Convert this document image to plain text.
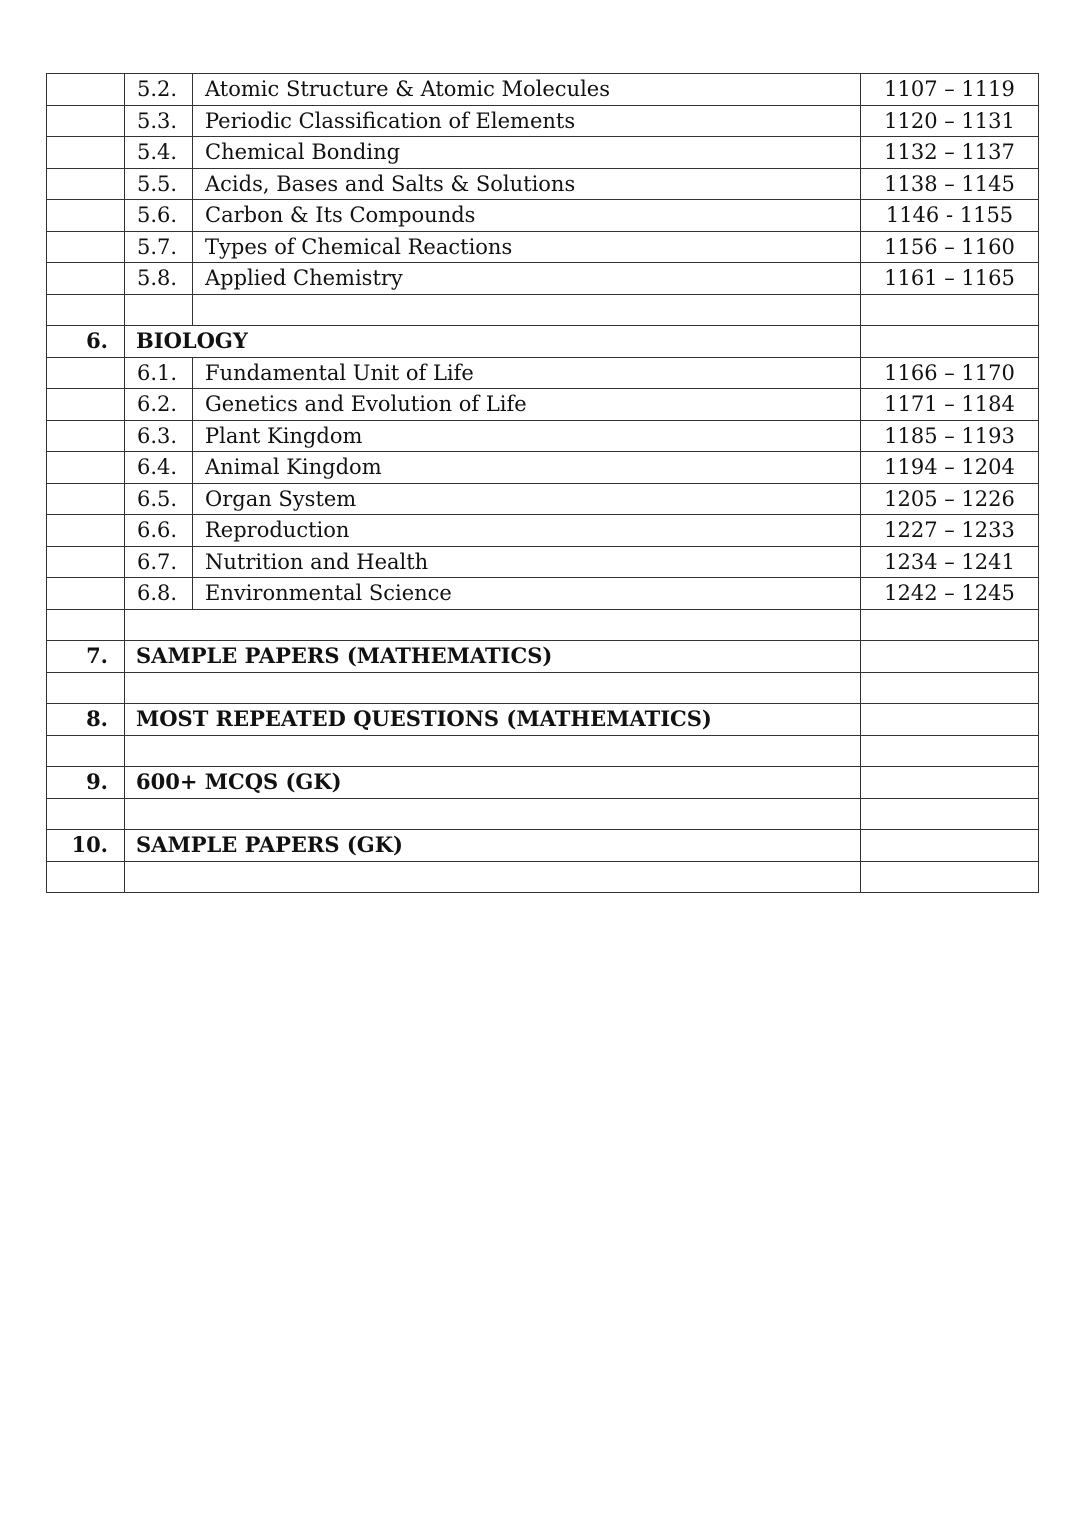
	5.2.	Atomic Structure & Atomic Molecules	1107 – 1119
	5.3.	Periodic Classification of Elements	1120 – 1131
	5.4.	Chemical Bonding	1132 – 1137
	5.5.	Acids, Bases and Salts & Solutions	1138 – 1145
	5.6.	Carbon & Its Compounds	1146 - 1155
	5.7.	Types of Chemical Reactions	1156 – 1160
	5.8.	Applied Chemistry	1161 – 1165

6.	BIOLOGY		
	6.1.	Fundamental Unit of Life	1166 – 1170
	6.2.	Genetics and Evolution of Life	1171 – 1184
	6.3.	Plant Kingdom	1185 – 1193
	6.4.	Animal Kingdom	1194 – 1204
	6.5.	Organ System	1205 – 1226
	6.6.	Reproduction	1227 – 1233
	6.7.	Nutrition and Health	1234 – 1241
	6.8.	Environmental Science	1242 – 1245

7.	SAMPLE PAPERS (MATHEMATICS)		

8.	MOST REPEATED QUESTIONS (MATHEMATICS)		

9.	600+ MCQS (GK)		

10.	SAMPLE PAPERS (GK)		
